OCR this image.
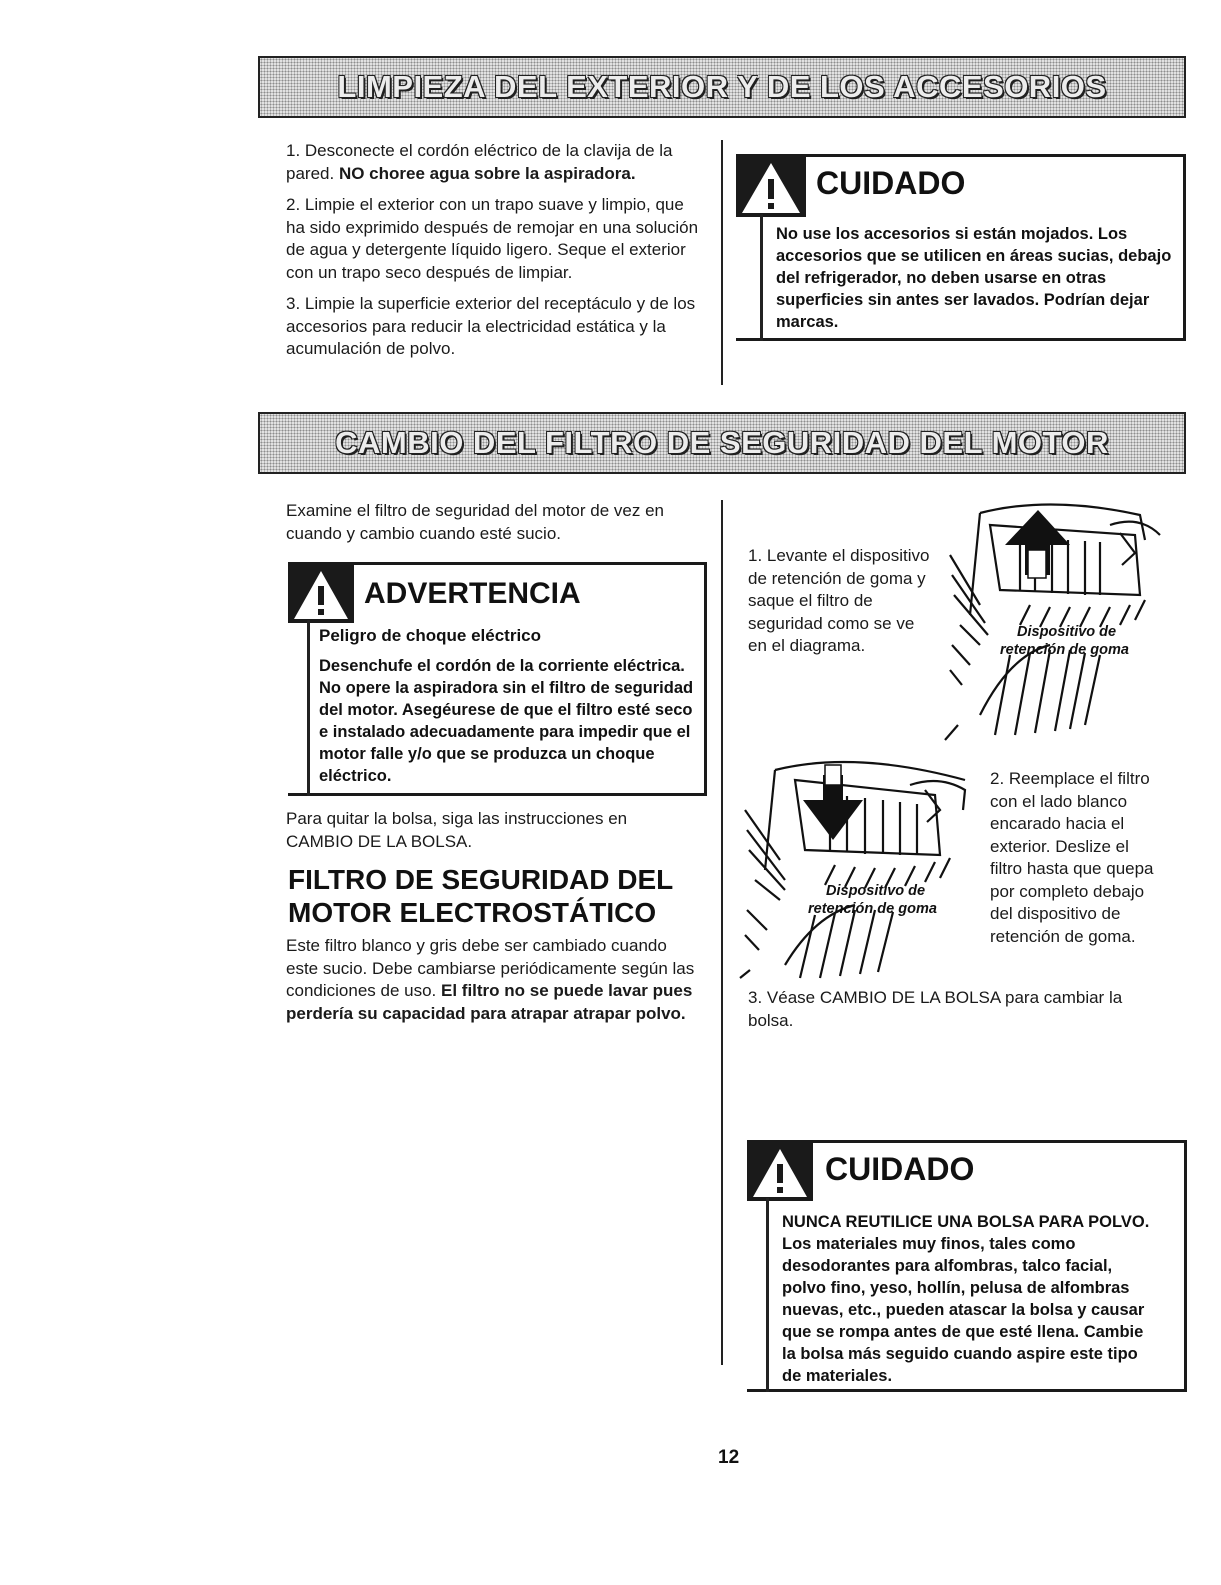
LIMPIEZA DEL EXTERIOR Y DE LOS ACCESORIOS

1. Desconecte el cordón eléctrico de la clavija de la pared. NO choree agua sobre la aspiradora.

2. Limpie el exterior con un trapo suave y limpio, que ha sido exprimido después de remojar en una solución de agua y detergente líquido ligero. Seque el exterior con un trapo seco después de limpiar.

3. Limpie la superficie exterior del receptáculo y de los accesorios para reducir la electricidad estática y la acumulación de polvo.

CUIDADO
No use los accesorios si están mojados. Los accesorios que se utilicen en áreas sucias, debajo del refrigerador, no deben usarse en otras superficies sin antes ser lavados. Podrían dejar marcas.
CAMBIO DEL FILTRO DE SEGURIDAD DEL MOTOR
Examine el filtro de seguridad del motor de vez en cuando y cambio cuando esté sucio.
ADVERTENCIA
Peligro de choque eléctrico
Desenchufe el cordón de la corriente eléctrica. No opere la aspiradora sin el filtro de seguridad del motor. Asegéurese de que el filtro esté seco e instalado adecuadamente para impedir que el motor falle y/o que se produzca un choque eléctrico.
Para quitar la bolsa, siga las instrucciones en CAMBIO DE LA BOLSA.
FILTRO DE SEGURIDAD DEL
MOTOR ELECTROSTÁTICO
Este filtro blanco y gris debe ser cambiado cuando este sucio. Debe cambiarse periódicamente según las condiciones de uso. El filtro no se puede lavar pues perdería su capacidad para atrapar atrapar polvo.
1. Levante el dispositivo de retención de goma y saque el filtro de seguridad como se ve en el diagrama.
Dispositivo de
retención de goma
Dispositivo de
retención de goma
2. Reemplace el filtro con el lado blanco encarado hacia el exterior. Deslize el filtro hasta que quepa por completo debajo del dispositivo de retención de goma.
3. Véase CAMBIO DE LA BOLSA para cambiar la bolsa.
CUIDADO
NUNCA REUTILICE UNA BOLSA PARA POLVO. Los materiales muy finos, tales como desodorantes para alfombras, talco facial, polvo fino, yeso, hollín, pelusa de alfombras nuevas, etc., pueden atascar la bolsa y causar que se rompa antes de que esté llena. Cambie la bolsa más seguido cuando aspire este tipo de materiales.
12
